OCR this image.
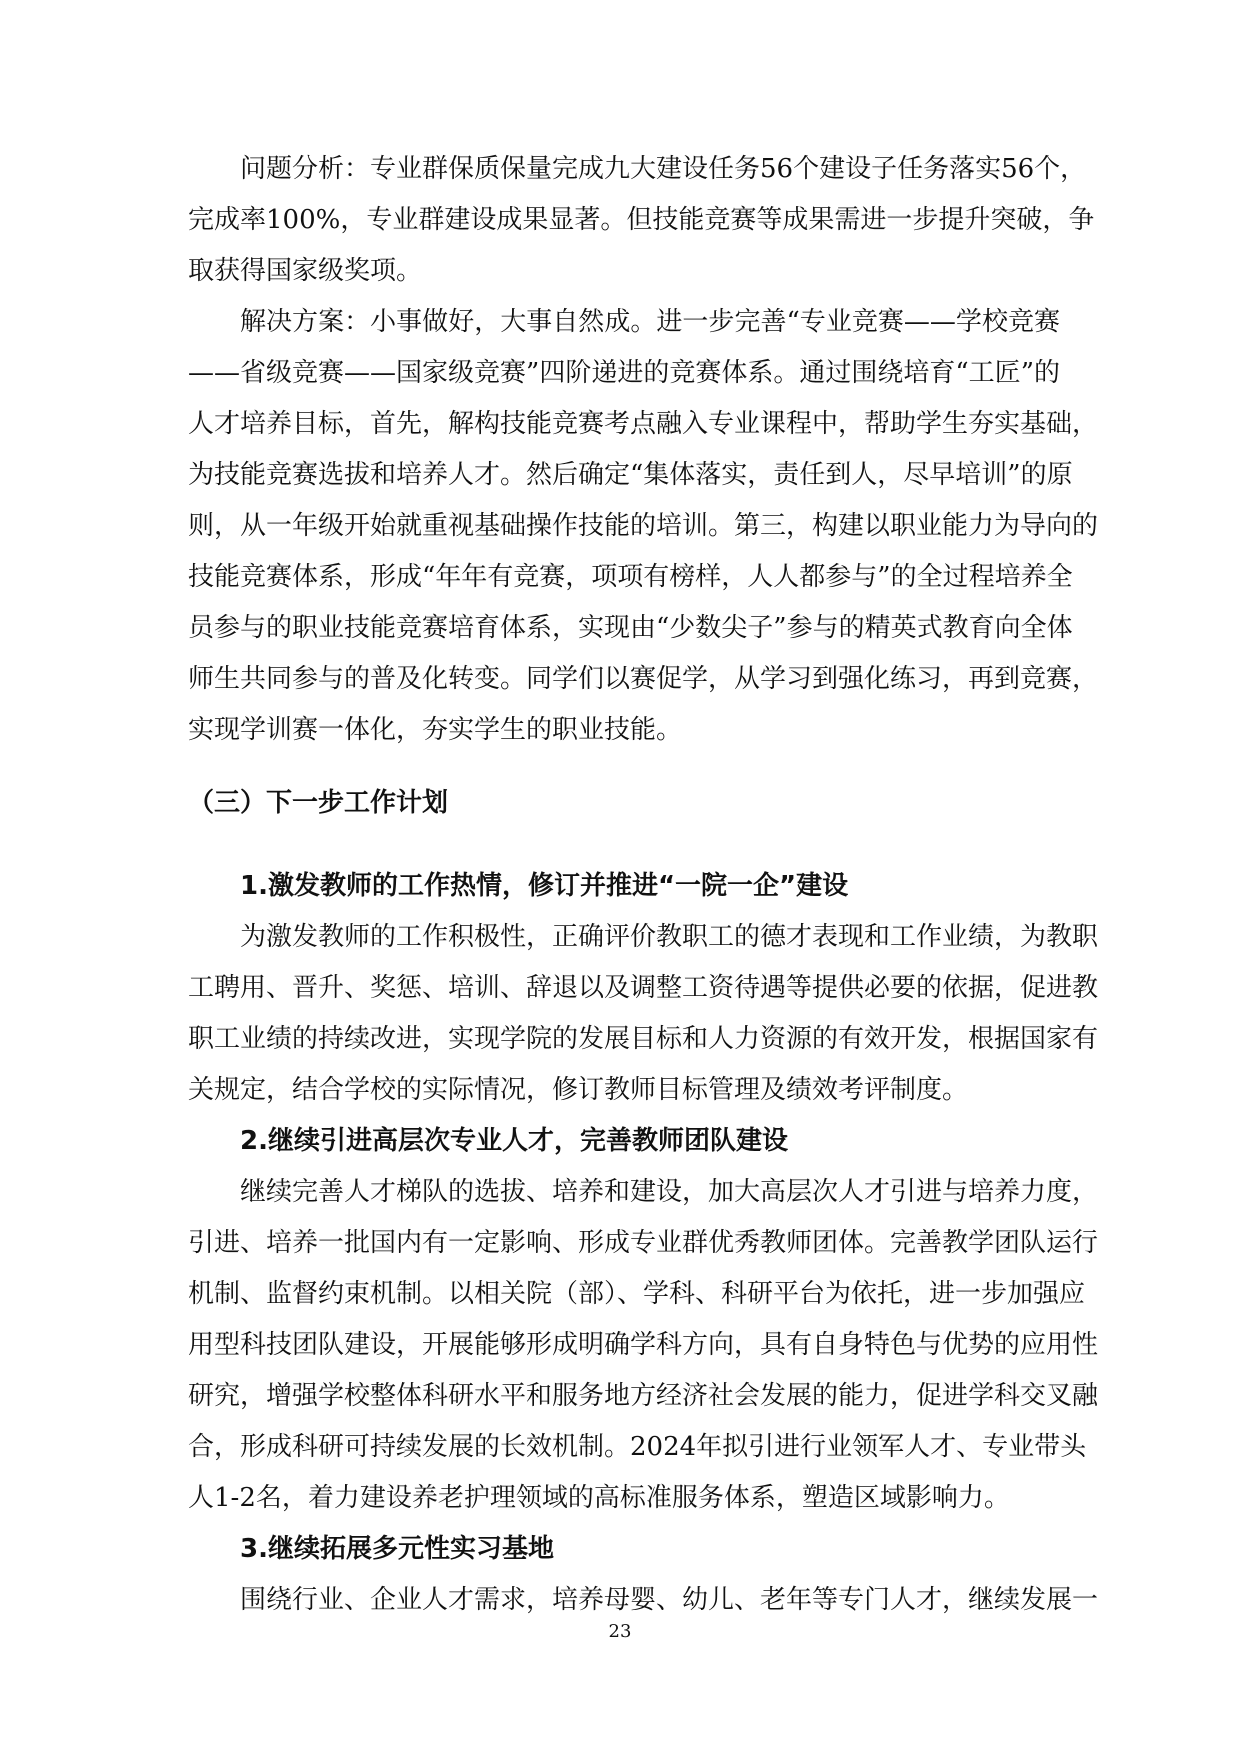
问题分析：专业群保质保量完成九大建设任务56个建设子任务落实56个，
完成率100%，专业群建设成果显著。但技能竞赛等成果需进一步提升突破，争
取获得国家级奖项。
解决方案：小事做好，大事自然成。进一步完善“专业竞赛——学校竞赛
——省级竞赛——国家级竞赛”四阶递进的竞赛体系。通过围绕培育“工匠”的
人才培养目标，首先，解构技能竞赛考点融入专业课程中，帮助学生夯实基础，
为技能竞赛选拔和培养人才。然后确定“集体落实，责任到人，尽早培训”的原
则，从一年级开始就重视基础操作技能的培训。第三，构建以职业能力为导向的
技能竞赛体系，形成“年年有竞赛，项项有榜样，人人都参与”的全过程培养全
员参与的职业技能竞赛培育体系，实现由“少数尖子”参与的精英式教育向全体
师生共同参与的普及化转变。同学们以赛促学，从学习到强化练习，再到竞赛，
实现学训赛一体化，夯实学生的职业技能。
（三）下一步工作计划
1.激发教师的工作热情，修订并推进“一院一企”建设
为激发教师的工作积极性，正确评价教职工的德才表现和工作业绩，为教职
工聘用、晋升、奖惩、培训、辞退以及调整工资待遇等提供必要的依据，促进教
职工业绩的持续改进，实现学院的发展目标和人力资源的有效开发，根据国家有
关规定，结合学校的实际情况，修订教师目标管理及绩效考评制度。
2.继续引进高层次专业人才，完善教师团队建设
继续完善人才梯队的选拔、培养和建设，加大高层次人才引进与培养力度，
引进、培养一批国内有一定影响、形成专业群优秀教师团体。完善教学团队运行
机制、监督约束机制。以相关院（部）、学科、科研平台为依托，进一步加强应
用型科技团队建设，开展能够形成明确学科方向，具有自身特色与优势的应用性
研究，增强学校整体科研水平和服务地方经济社会发展的能力，促进学科交叉融
合，形成科研可持续发展的长效机制。2024年拟引进行业领军人才、专业带头
人1-2名，着力建设养老护理领域的高标准服务体系，塑造区域影响力。
3.继续拓展多元性实习基地
围绕行业、企业人才需求，培养母婴、幼儿、老年等专门人才，继续发展一
23
